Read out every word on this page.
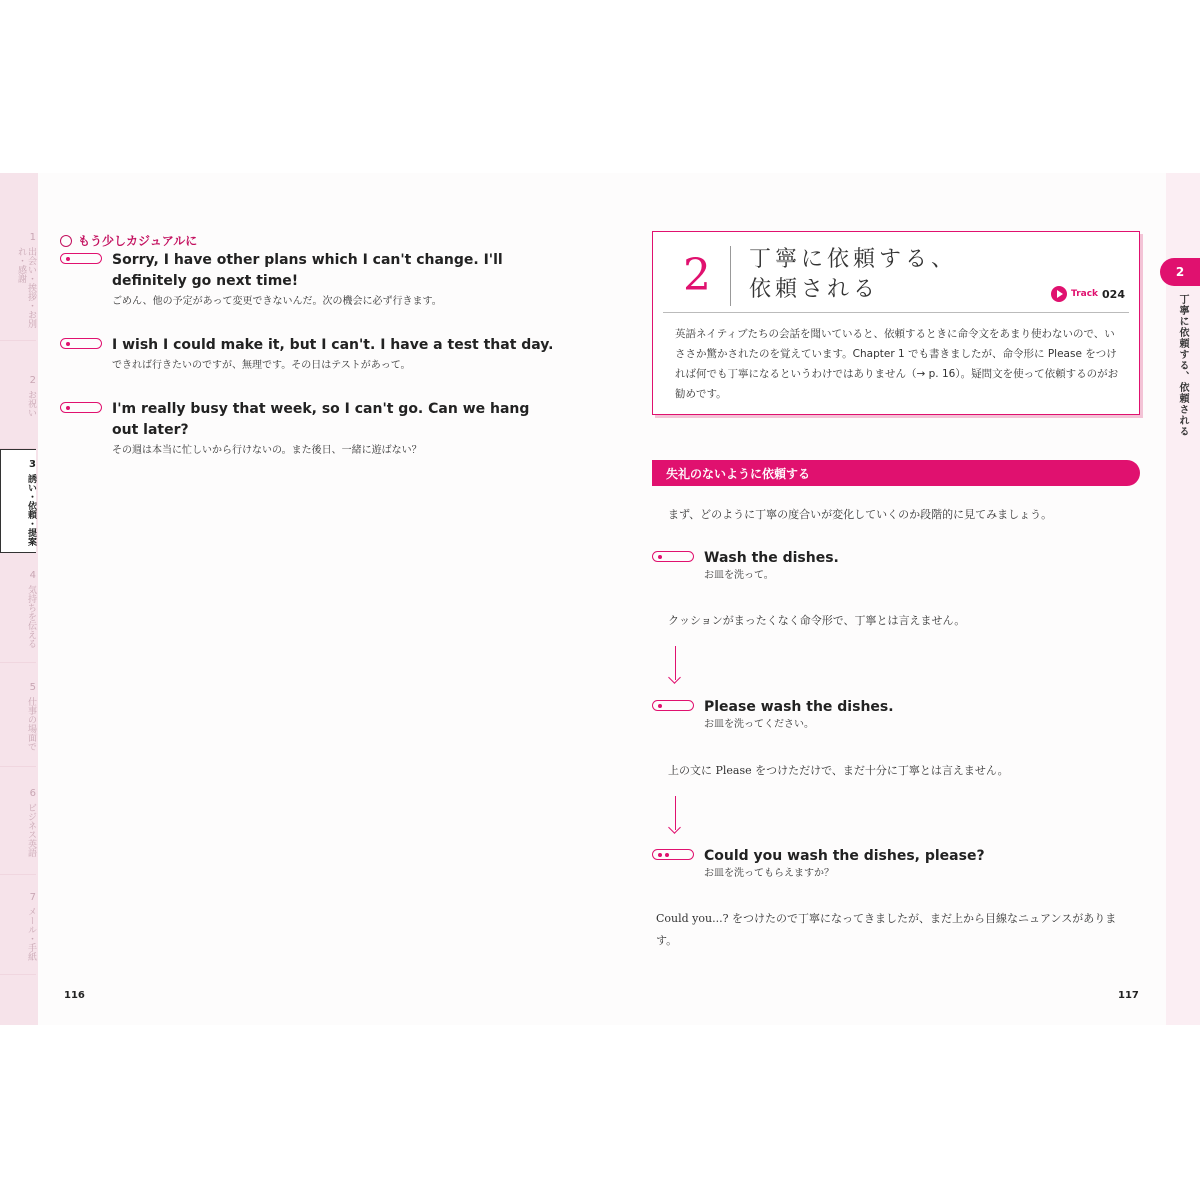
1
出会い・挨拶・お別れ・感謝
2
お祝い
3
誘い・依頼・提案
4
気持ちを伝える
5
仕事の場面で
6
ビジネス英語
7
メール・手紙
もう少しカジュアルに
Sorry, I have other plans which I can't change. I'll definitely go next time!
ごめん、他の予定があって変更できないんだ。次の機会に必ず行きます。
I wish I could make it, but I can't. I have a test that day.
できれば行きたいのですが、無理です。その日はテストがあって。
I'm really busy that week, so I can't go. Can we hang out later?
その週は本当に忙しいから行けないの。また後日、一緒に遊ばない？
116
2 丁寧に依頼する、
依頼される	Track 024
英語ネイティブたちの会話を聞いていると、依頼するときに命令文をあまり使わないので、いささか驚かされたのを覚えています。Chapter 1 でも書きましたが、命令形に Please をつければ何でも丁寧になるというわけではありません（→ p. 16）。疑問文を使って依頼するのがお勧めです。
失礼のないように依頼する
まず、どのように丁寧の度合いが変化していくのか段階的に見てみましょう。
Wash the dishes.
お皿を洗って。
クッションがまったくなく命令形で、丁寧とは言えません。
Please wash the dishes.
お皿を洗ってください。
上の文に Please をつけただけで、まだ十分に丁寧とは言えません。
Could you wash the dishes, please?
お皿を洗ってもらえますか？
Could you...? をつけたので丁寧になってきましたが、まだ上から目線なニュアンスがあります。
117
2
丁寧に依頼する、依頼される
